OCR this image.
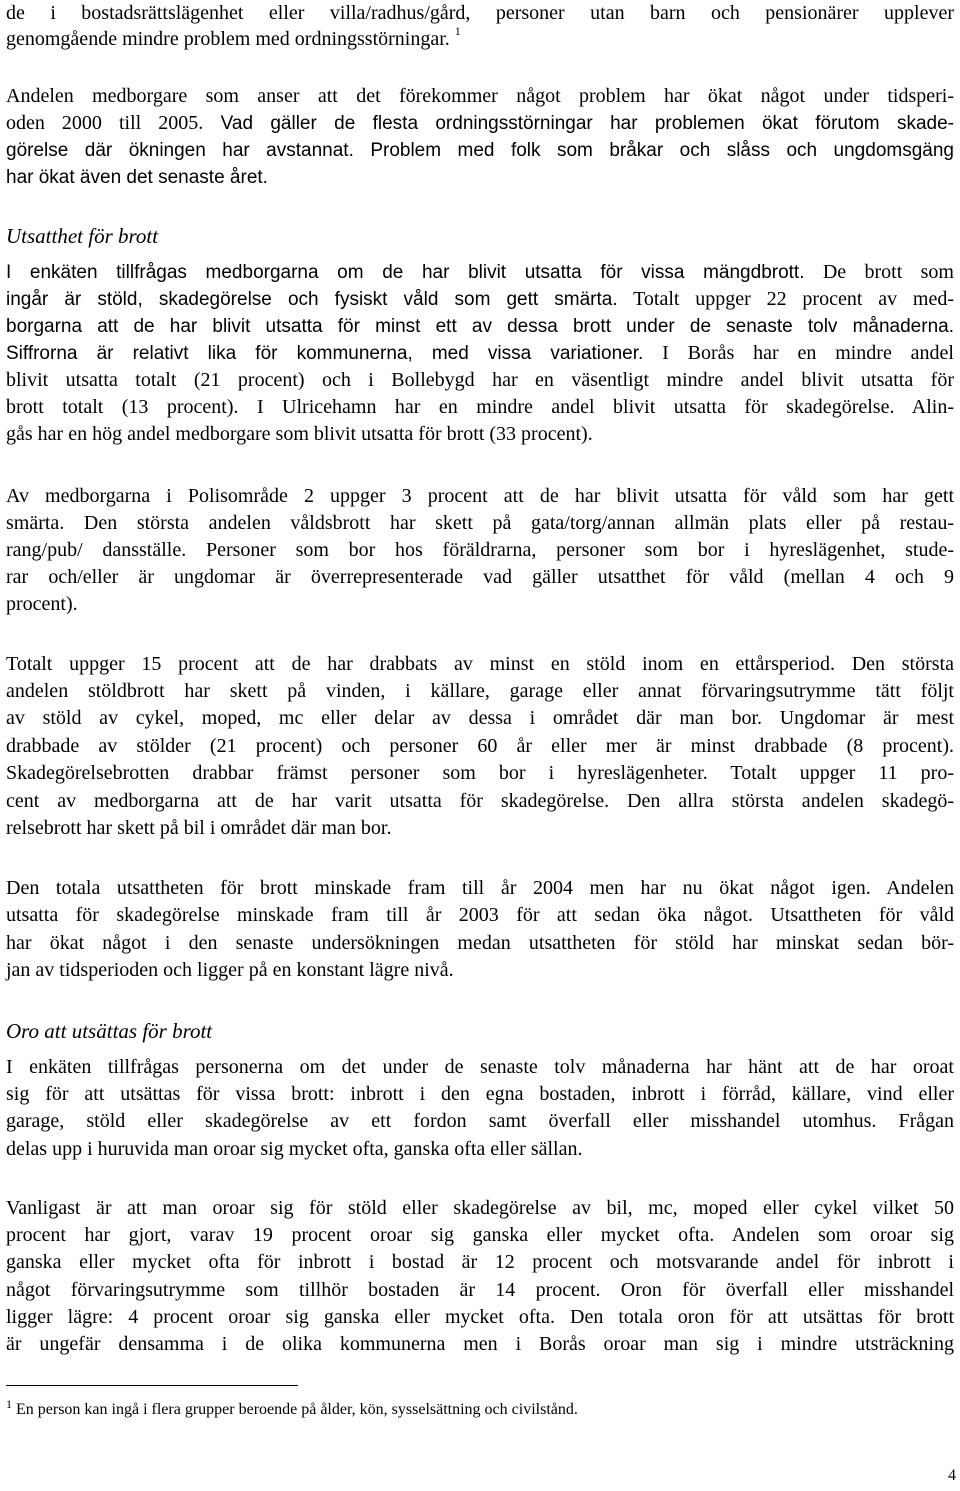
de i bostadsrättslägenhet eller villa/radhus/gård, personer utan barn och pensionärer upplever
genomgående mindre problem med ordningsstörningar. $^1$
Andelen medborgare som anser att det förekommer något problem har ökat något under tidsperi-
oden 2000 till 2005. Vad gäller de flesta ordningsstörningar har problemen ökat förutom skade-
görelse där ökningen har avstannat. Problem med folk som bråkar och slåss och ungdomsgäng
har ökat även det senaste året.
Utsatthet för brott
I enkäten tillfrågas medborgarna om de har blivit utsatta för vissa mängdbrott. De brott som
ingår är stöld, skadegörelse och fysiskt våld som gett smärta. Totalt uppger 22 procent av med-
borgarna att de har blivit utsatta för minst ett av dessa brott under de senaste tolv månaderna.
Siffrorna är relativt lika för kommunerna, med vissa variationer. I Borås har en mindre andel
blivit utsatta totalt (21 procent) och i Bollebygd har en väsentligt mindre andel blivit utsatta för
brott totalt (13 procent). I Ulricehamn har en mindre andel blivit utsatta för skadegörelse. Alin-
gås har en hög andel medborgare som blivit utsatta för brott (33 procent).
Av medborgarna i Polisområde 2 uppger 3 procent att de har blivit utsatta för våld som har gett
smärta. Den största andelen våldsbrott har skett på gata/torg/annan allmän plats eller på restau-
rang/pub/ dansställe. Personer som bor hos föräldrarna, personer som bor i hyreslägenhet, stude-
rar och/eller är ungdomar är överrepresenterade vad gäller utsatthet för våld (mellan 4 och 9
procent).
Totalt uppger 15 procent att de har drabbats av minst en stöld inom en ettårsperiod. Den största
andelen stöldbrott har skett på vinden, i källare, garage eller annat förvaringsutrymme tätt följt
av stöld av cykel, moped, mc eller delar av dessa i området där man bor. Ungdomar är mest
drabbade av stölder (21 procent) och personer 60 år eller mer är minst drabbade (8 procent).
Skadegörelsebrotten drabbar främst personer som bor i hyreslägenheter. Totalt uppger 11 pro-
cent av medborgarna att de har varit utsatta för skadegörelse. Den allra största andelen skadegö-
relsebrott har skett på bil i området där man bor.
Den totala utsattheten för brott minskade fram till år 2004 men har nu ökat något igen. Andelen
utsatta för skadegörelse minskade fram till år 2003 för att sedan öka något. Utsattheten för våld
har ökat något i den senaste undersökningen medan utsattheten för stöld har minskat sedan bör-
jan av tidsperioden och ligger på en konstant lägre nivå.
Oro att utsättas för brott
I enkäten tillfrågas personerna om det under de senaste tolv månaderna har hänt att de har oroat
sig för att utsättas för vissa brott: inbrott i den egna bostaden, inbrott i förråd, källare, vind eller
garage, stöld eller skadegörelse av ett fordon samt överfall eller misshandel utomhus. Frågan
delas upp i huruvida man oroar sig mycket ofta, ganska ofta eller sällan.
Vanligast är att man oroar sig för stöld eller skadegörelse av bil, mc, moped eller cykel vilket 50
procent har gjort, varav 19 procent oroar sig ganska eller mycket ofta. Andelen som oroar sig
ganska eller mycket ofta för inbrott i bostad är 12 procent och motsvarande andel för inbrott i
något förvaringsutrymme som tillhör bostaden är 14 procent. Oron för överfall eller misshandel
ligger lägre: 4 procent oroar sig ganska eller mycket ofta. Den totala oron för att utsättas för brott
är ungefär densamma i de olika kommunerna men i Borås oroar man sig i mindre utsträckning
$^1$ En person kan ingå i flera grupper beroende på ålder, kön, sysselsättning och civilstånd.
4
